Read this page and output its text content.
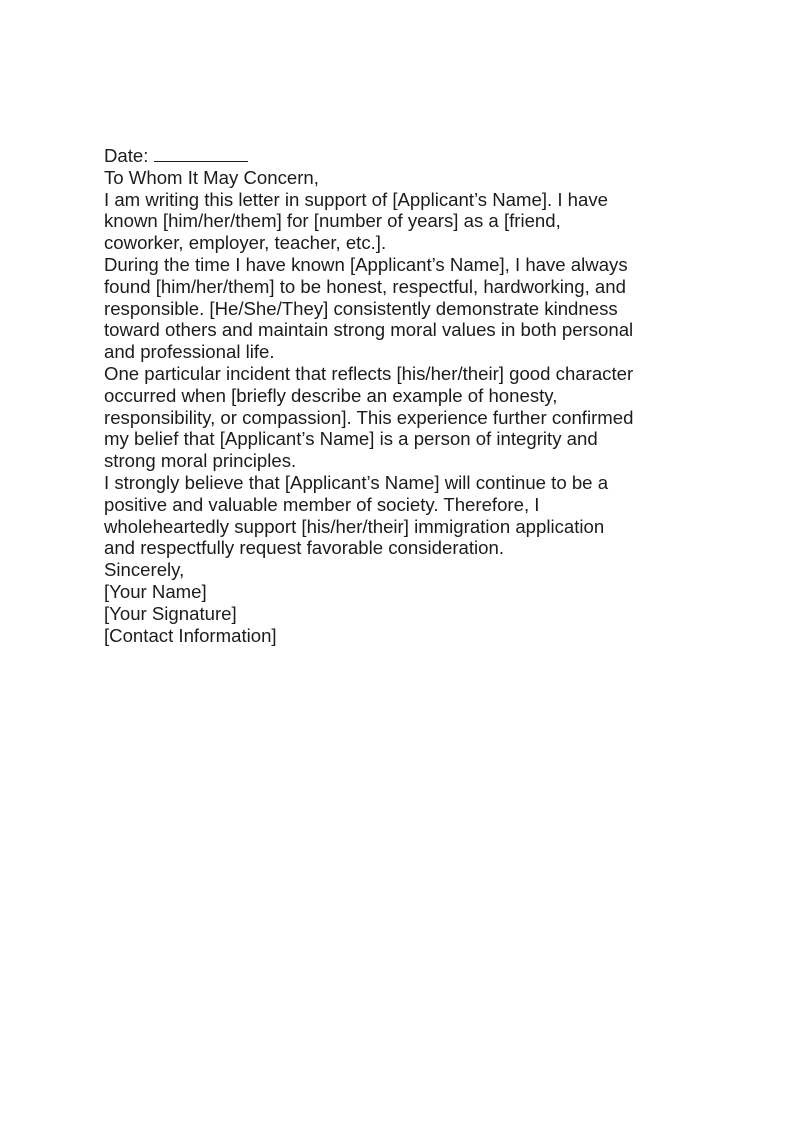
Date:

To Whom It May Concern,

I am writing this letter in support of [Applicant’s Name]. I have
known [him/her/them] for [number of years] as a [friend,
coworker, employer, teacher, etc.].

During the time I have known [Applicant’s Name], I have always
found [him/her/them] to be honest, respectful, hardworking, and
responsible. [He/She/They] consistently demonstrate kindness
toward others and maintain strong moral values in both personal
and professional life.

One particular incident that reflects [his/her/their] good character
occurred when [briefly describe an example of honesty,
responsibility, or compassion]. This experience further confirmed
my belief that [Applicant’s Name] is a person of integrity and
strong moral principles.

I strongly believe that [Applicant’s Name] will continue to be a
positive and valuable member of society. Therefore, I
wholeheartedly support [his/her/their] immigration application
and respectfully request favorable consideration.

Sincerely,

[Your Name]
[Your Signature]
[Contact Information]
